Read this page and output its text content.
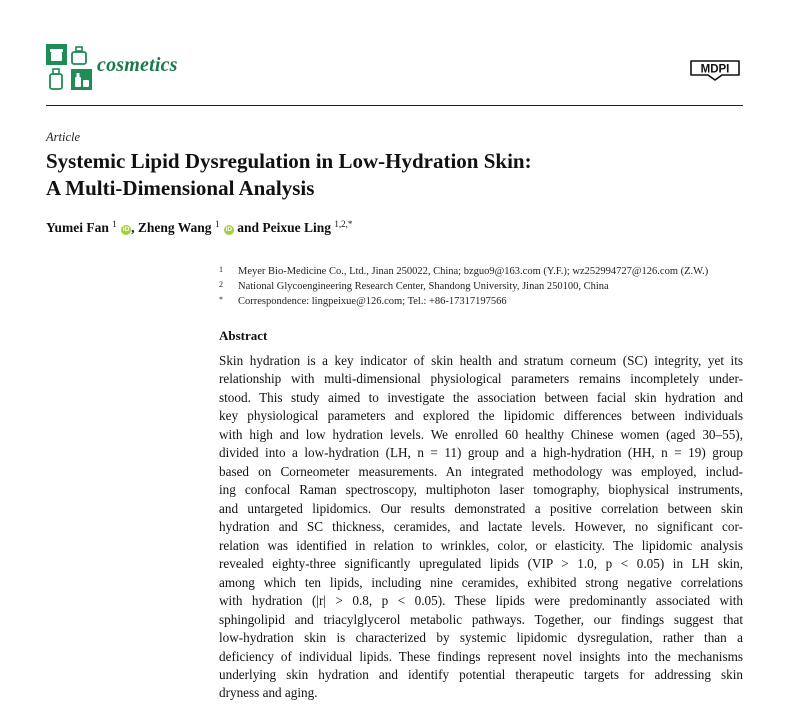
cosmetics	MDPI
Article
Systemic Lipid Dysregulation in Low-Hydration Skin:
A Multi-Dimensional Analysis
Yumei Fan $^1$ iD , Zheng Wang $^1$ iD and Peixue Ling $^{1,2,*}$
1 Meyer Bio-Medicine Co., Ltd., Jinan 250022, China; bzguo9@163.com (Y.F.); wz252994727@126.com (Z.W.)
2 National Glycoengineering Research Center, Shandong University, Jinan 250100, China
* Correspondence: lingpeixue@126.com; Tel.: +86-17317197566
Abstract
Skin hydration is a key indicator of skin health and stratum corneum (SC) integrity, yet its
relationship with multi-dimensional physiological parameters remains incompletely under-
stood. This study aimed to investigate the association between facial skin hydration and
key physiological parameters and explored the lipidomic differences between individuals
with high and low hydration levels. We enrolled 60 healthy Chinese women (aged 30–55),
divided into a low-hydration (LH, n = 11) group and a high-hydration (HH, n = 19) group
based on Corneometer measurements. An integrated methodology was employed, includ-
ing confocal Raman spectroscopy, multiphoton laser tomography, biophysical instruments,
and untargeted lipidomics. Our results demonstrated a positive correlation between skin
hydration and SC thickness, ceramides, and lactate levels. However, no significant cor-
relation was identified in relation to wrinkles, color, or elasticity. The lipidomic analysis
revealed eighty-three significantly upregulated lipids (VIP > 1.0, p < 0.05) in LH skin,
among which ten lipids, including nine ceramides, exhibited strong negative correlations
with hydration (|r| > 0.8, p < 0.05). These lipids were predominantly associated with
sphingolipid and triacylglycerol metabolic pathways. Together, our findings suggest that
low-hydration skin is characterized by systemic lipidomic dysregulation, rather than a
deficiency of individual lipids. These findings represent novel insights into the mechanisms
underlying skin hydration and identify potential therapeutic targets for addressing skin
dryness and aging.
